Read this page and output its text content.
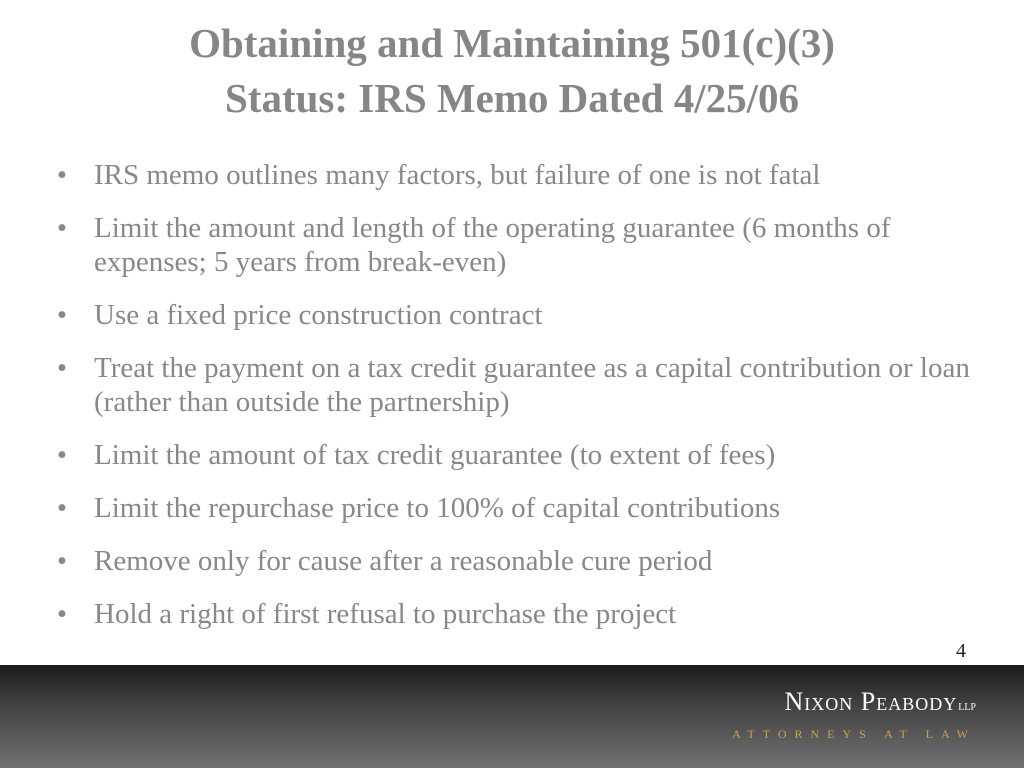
Obtaining and Maintaining 501(c)(3)
Status: IRS Memo Dated 4/25/06
• IRS memo outlines many factors, but failure of one is not fatal
• Limit the amount and length of the operating guarantee (6 months of expenses; 5 years from break-even)
• Use a fixed price construction contract
• Treat the payment on a tax credit guarantee as a capital contribution or loan (rather than outside the partnership)
• Limit the amount of tax credit guarantee (to extent of fees)
• Limit the repurchase price to 100% of capital contributions
• Remove only for cause after a reasonable cure period
• Hold a right of first refusal to purchase the project
4
Nixon PeabodyLLP
ATTORNEYS AT LAW
